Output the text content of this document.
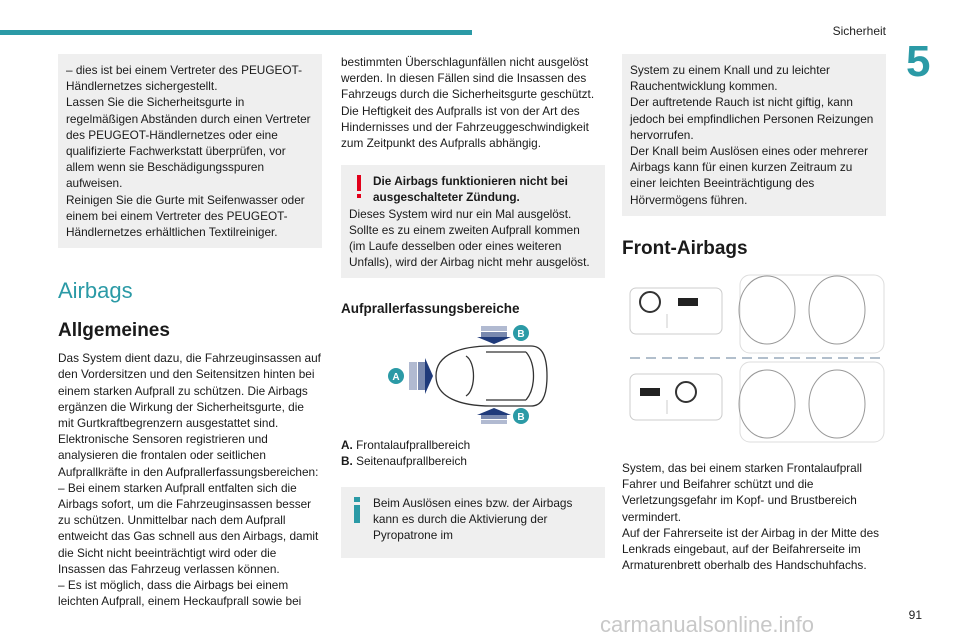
Sicherheit
5

– dies ist bei einem Vertreter des PEUGEOT-Händlernetzes sichergestellt.

Lassen Sie die Sicherheitsgurte in regelmäßigen Abständen durch einen Vertreter des PEUGEOT-Händlernetzes oder eine qualifizierte Fachwerkstatt überprüfen, vor allem wenn sie Beschädigungsspuren aufweisen.

Reinigen Sie die Gurte mit Seifenwasser oder einem bei einem Vertreter des PEUGEOT-Händlernetzes erhältlichen Textilreiniger.

Airbags
Allgemeines

Das System dient dazu, die Fahrzeuginsassen auf den Vordersitzen und den Seitensitzen hinten bei einem starken Aufprall zu schützen. Die Airbags ergänzen die Wirkung der Sicherheitsgurte, die mit Gurtkraftbegrenzern ausgestattet sind.

Elektronische Sensoren registrieren und analysieren die frontalen oder seitlichen Aufprallkräfte in den Aufprallerfassungsbereichen:

– Bei einem starken Aufprall entfalten sich die Airbags sofort, um die Fahrzeuginsassen besser zu schützen. Unmittelbar nach dem Aufprall entweicht das Gas schnell aus den Airbags, damit die Sicht nicht beeinträchtigt wird oder die Insassen das Fahrzeug verlassen können.

– Es ist möglich, dass die Airbags bei einem leichten Aufprall, einem Heckaufprall sowie bei

bestimmten Überschlagunfällen nicht ausgelöst werden. In diesen Fällen sind die Insassen des Fahrzeugs durch die Sicherheitsgurte geschützt.

Die Heftigkeit des Aufpralls ist von der Art des Hindernisses und der Fahrzeuggeschwindigkeit zum Zeitpunkt des Aufpralls abhängig.

Die Airbags funktionieren nicht bei ausgeschalteter Zündung.

Dieses System wird nur ein Mal ausgelöst. Sollte es zu einem zweiten Aufprall kommen (im Laufe desselben oder eines weiteren Unfalls), wird der Airbag nicht mehr ausgelöst.

Aufprallerfassungsbereiche
A
B
B
A. Frontalaufprallbereich
B. Seitenaufprallbereich
Beim Auslösen eines bzw. der Airbags kann es durch die Aktivierung der Pyropatrone im

System zu einem Knall und zu leichter Rauchentwicklung kommen.

Der auftretende Rauch ist nicht giftig, kann jedoch bei empfindlichen Personen Reizungen hervorrufen.

Der Knall beim Auslösen eines oder mehrerer Airbags kann für einen kurzen Zeitraum zu einer leichten Beeinträchtigung des Hörvermögens führen.

Front-Airbags

System, das bei einem starken Frontalaufprall Fahrer und Beifahrer schützt und die Verletzungsgefahr im Kopf- und Brustbereich vermindert.

Auf der Fahrerseite ist der Airbag in der Mitte des Lenkrads eingebaut, auf der Beifahrerseite im Armaturenbrett oberhalb des Handschuhfachs.

carmanualsonline.info	91
